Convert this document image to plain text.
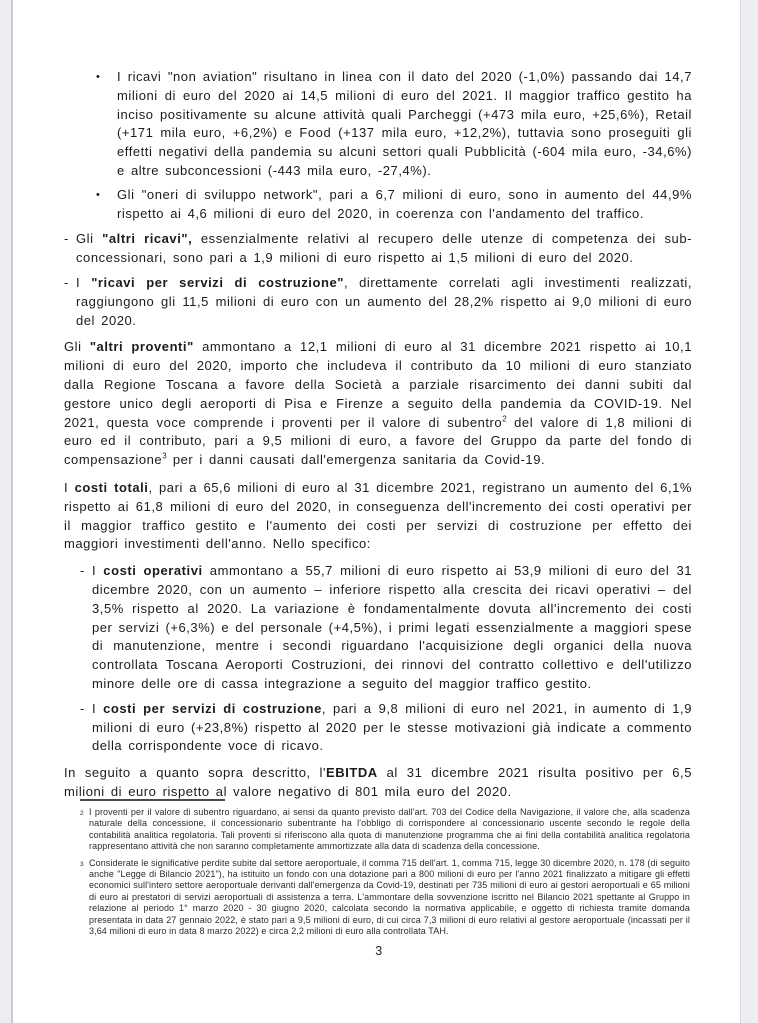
•	I ricavi "non aviation" risultano in linea con il dato del 2020 (-1,0%) passando dai 14,7 milioni di euro del 2020 ai 14,5 milioni di euro del 2021. Il maggior traffico gestito ha inciso positivamente su alcune attività quali Parcheggi (+473 mila euro, +25,6%), Retail (+171 mila euro, +6,2%) e Food (+137 mila euro, +12,2%), tuttavia sono proseguiti gli effetti negativi della pandemia su alcuni settori quali Pubblicità (-604 mila euro, -34,6%) e altre subconcessioni (-443 mila euro, -27,4%).
•	Gli "oneri di sviluppo network", pari a 6,7 milioni di euro, sono in aumento del 44,9% rispetto ai 4,6 milioni di euro del 2020, in coerenza con l'andamento del traffico.
- Gli "altri ricavi", essenzialmente relativi al recupero delle utenze di competenza dei sub-concessionari, sono pari a 1,9 milioni di euro rispetto ai 1,5 milioni di euro del 2020.
- I "ricavi per servizi di costruzione", direttamente correlati agli investimenti realizzati, raggiungono gli 11,5 milioni di euro con un aumento del 28,2% rispetto ai 9,0 milioni di euro del 2020.

Gli "altri proventi" ammontano a 12,1 milioni di euro al 31 dicembre 2021 rispetto ai 10,1 milioni di euro del 2020, importo che includeva il contributo da 10 milioni di euro stanziato dalla Regione Toscana a favore della Società a parziale risarcimento dei danni subiti dal gestore unico degli aeroporti di Pisa e Firenze a seguito della pandemia da COVID-19. Nel 2021, questa voce comprende i proventi per il valore di subentro$^2$ del valore di 1,8 milioni di euro ed il contributo, pari a 9,5 milioni di euro, a favore del Gruppo da parte del fondo di compensazione$^3$ per i danni causati dall'emergenza sanitaria da Covid-19.

I costi totali, pari a 65,6 milioni di euro al 31 dicembre 2021, registrano un aumento del 6,1% rispetto ai 61,8 milioni di euro del 2020, in conseguenza dell'incremento dei costi operativi per il maggior traffico gestito e l'aumento dei costi per servizi di costruzione per effetto dei maggiori investimenti dell'anno. Nello specifico:

- I costi operativi ammontano a 55,7 milioni di euro rispetto ai 53,9 milioni di euro del 31 dicembre 2020, con un aumento – inferiore rispetto alla crescita dei ricavi operativi – del 3,5% rispetto al 2020. La variazione è fondamentalmente dovuta all'incremento dei costi per servizi (+6,3%) e del personale (+4,5%), i primi legati essenzialmente a maggiori spese di manutenzione, mentre i secondi riguardano l'acquisizione degli organici della nuova controllata Toscana Aeroporti Costruzioni, dei rinnovi del contratto collettivo e dell'utilizzo minore delle ore di cassa integrazione a seguito del maggior traffico gestito.
- I costi per servizi di costruzione, pari a 9,8 milioni di euro nel 2021, in aumento di 1,9 milioni di euro (+23,8%) rispetto al 2020 per le stesse motivazioni già indicate a commento della corrispondente voce di ricavo.

In seguito a quanto sopra descritto, l'EBITDA al 31 dicembre 2021 risulta positivo per 6,5 milioni di euro rispetto al valore negativo di 801 mila euro del 2020.

2 I proventi per il valore di subentro riguardano, ai sensi da quanto previsto dall'art. 703 del Codice della Navigazione, il valore che, alla scadenza naturale della concessione, il concessionario subentrante ha l'obbligo di corrispondere al concessionario uscente secondo le regole della contabilità analitica regolatoria. Tali proventi si riferiscono alla quota di manutenzione programma che ai fini della contabilità analitica regolatoria rappresentano attività che non saranno completamente ammortizzate alla data di scadenza della concessione.
3 Considerate le significative perdite subite dal settore aeroportuale, il comma 715 dell'art. 1, comma 715, legge 30 dicembre 2020, n. 178 (di seguito anche "Legge di Bilancio 2021"), ha istituito un fondo con una dotazione pari a 800 milioni di euro per l'anno 2021 finalizzato a mitigare gli effetti economici sull'intero settore aeroportuale derivanti dall'emergenza da Covid-19, destinati per 735 milioni di euro ai gestori aeroportuali e 65 milioni di euro ai prestatori di servizi aeroportuali di assistenza a terra. L'ammontare della sovvenzione iscritto nel Bilancio 2021 spettante al Gruppo in relazione al periodo 1° marzo 2020 - 30 giugno 2020, calcolata secondo la normativa applicabile, e oggetto di richiesta tramite domanda presentata in data 27 gennaio 2022, è stato pari a 9,5 milioni di euro, di cui circa 7,3 milioni di euro relativi al gestore aeroportuale (incassati per il 3,64 milioni di euro in data 8 marzo 2022) e circa 2,2 milioni di euro alla controllata TAH.
3
